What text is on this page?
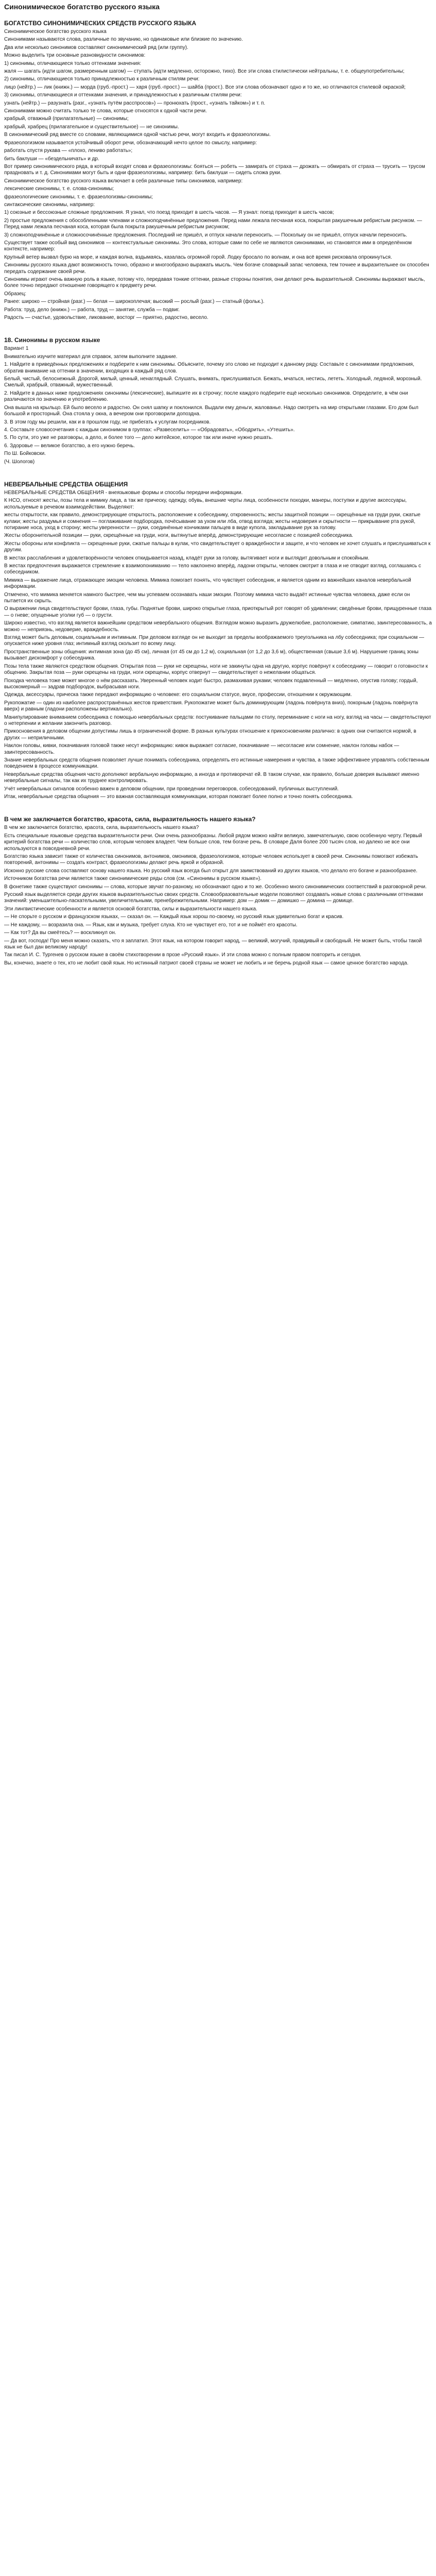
Синонимическое богатство русского языка
БОГАТСТВО СИНОНИМИЧЕСКИХ СРЕДСТВ РУССКОГО ЯЗЫКА

Синонимическое богатство русского языка

Синонимами называются слова, различные по звучанию, но одинаковые или близкие по значению.

Два или несколько синонимов составляют синонимический ряд (или группу).

Можно выделить три основные разновидности синонимов:

1) синонимы, отличающиеся только оттенками значения:

жаля — шагать (идти шагом, размеренным шагом) — ступать (идти медленно, осторожно, тихо). Все эти слова стилистически нейтральны, т. е. общеупотребительны;

2) синонимы, отличающиеся только принадлежностью к различным стилям речи:

лицо (нейтр.) — лик (книжн.) — морда (груб.-прост.) — харя (груб.-прост.) — шайба (прост.). Все эти слова обозначают одно и то же, но отличаются стилевой окраской;

3) синонимы, отличающиеся и оттенками значения, и принадлежностью к различным стилям речи:

узнать (нейтр.) — разузнать (разг., «узнать путём расспросов») — пронюхать (прост., «узнать тайком») и т. п.

Синонимами можно считать только те слова, которые относятся к одной части речи.

храбрый, отважный (прилагательные) — синонимы;

храбрый, храбрец (прилагательное и существительное) — не синонимы.

В синонимический ряд вместе со словами, являющимися одной частью речи, могут входить и фразеологизмы.

Фразеологизмом называется устойчивый оборот речи, обозначающий нечто целое по смыслу, например:

работать спустя рукава — «плохо, лениво работать»;

бить баклуши — «бездельничать» и др.

Вот пример синонимического ряда, в который входят слова и фразеологизмы: бояться — робеть — замирать от страха — дрожать — обмирать от страха — трусить — трусом праздновать и т. д. Синонимами могут быть и одни фразеологизмы, например: бить баклуши — сидеть сложа руки.

Синонимическое богатство русского языка включает в себя различные типы синонимов, например:

лексические синонимы, т. е. слова-синонимы;

фразеологические синонимы, т. е. фразеологизмы-синонимы;

синтаксические синонимы, например:

1) союзные и бессоюзные сложные предложения. Я узнал, что поезд приходит в шесть часов. — Я узнал: поезд приходит в шесть часов;

2) простые предложения с обособленными членами и сложноподчинённые предложения. Перед нами лежала песчаная коса, покрытая ракушечным ребристым рисунком. — Перед нами лежала песчаная коса, которая была покрыта ракушечным ребристым рисунком;

3) сложноподчинённые и сложносочинённые предложения. Последний не пришёл, и отпуск начали переносить. — Поскольку он не пришёл, отпуск начали переносить.

Существует также особый вид синонимов — контекстуальные синонимы. Это слова, которые сами по себе не являются синонимами, но становятся ими в определённом контексте, например:

Крупный ветер вызвал бурю на море, и каждая волна, вздымаясь, казалась огромной горой. Лодку бросало по волнам, и она всё время рисковала опрокинуться.

Синонимы русского языка дают возможность точно, образно и многообразно выражать мысль. Чем богаче словарный запас человека, тем точнее и выразительнее он способен передать содержание своей речи.

Синонимы играют очень важную роль в языке, потому что, передавая тонкие оттенки, разные стороны понятия, они делают речь выразительной. Синонимы выражают мысль, более точно передают отношение говорящего к предмету речи.

Образец:

Ранее: широко — стройная (разг.) — белая — широкоплечая; высокий — рослый (разг.) — статный (фольк.).

Работа: труд, дело (книжн.) — работа, труд — занятие, служба — подвиг.

Радость — счастье, удовольствие, ликование, восторг — приятно, радостно, весело.

18. Синонимы в русском языке

Вариант 1

Внимательно изучите материал для справок, затем выполните задание.

1. Найдите в приведённых предложениях и подберите к ним синонимы. Объясните, почему это слово не подходит к данному ряду. Составьте с синонимами предложения, обратив внимание на оттенки в значении, входящих в каждый ряд слов.

Белый, чистый, белоснежный. Дорогой, милый, ценный, ненаглядный. Слушать, внимать, прислушиваться. Бежать, мчаться, нестись, лететь. Холодный, ледяной, морозный. Смелый, храбрый, отважный, мужественный.

2. Найдите в данных ниже предложениях синонимы (лексические), выпишите их в строчку; после каждого подберите ещё несколько синонимов. Определите, в чём они различаются по значению и употреблению.

Она вышла на крыльцо. Ей было весело и радостно. Он снял шапку и поклонился. Выдали ему деньги, жалованье. Надо смотреть на мир открытыми глазами. Его дом был большой и просторный. Она стояла у окна, а вечером они проговорили допоздна.

3. В этом году мы решили, как и в прошлом году, не прибегать к услугам посредников.

4. Составьте словосочетания с каждым синонимом в группах: «Развеселить» — «Обрадовать», «Ободрить», «Утешить».

5. По сути, это уже не разговоры, а дело, и более того — дело житейское, которое так или иначе нужно решать.

6. Здоровье — великое богатство, а его нужно беречь.

По Ш. Бойковски.

(Ч. Шологов)

НЕВЕРБАЛЬНЫЕ СРЕДСТВА ОБЩЕНИЯ

НЕВЕРБАЛЬНЫЕ СРЕДСТВА ОБЩЕНИЯ - внеязыковые формы и способы передачи информации.

К НСО, относят жесты, позы тела и мимику лица, а так же прическу, одежду, обувь, внешние черты лица, особенности походки, манеры, поступки и другие аксессуары, используемые в речевом взаимодействии. Выделяют:

жесты открытости, как правило, демонстрирующие открытость, расположение к собеседнику, откровенность; жесты защитной позиции — скрещённые на груди руки, сжатые кулаки; жесты раздумья и сомнения — поглаживание подбородка, почёсывание за ухом или лба, отвод взгляда; жесты недоверия и скрытности — прикрывание рта рукой, потирание носа, уход в сторону; жесты уверенности — руки, соединённые кончиками пальцев в виде купола, закладывание рук за голову.

Жесты оборонительной позиции — руки, скрещённые на груди, ноги, вытянутые вперёд, демонстрирующие несогласие с позицией собеседника.

Жесты обороны или конфликта — скрещенные руки, сжатые пальцы в кулак, что свидетельствует о враждебности и защите, и что человек не хочет слушать и прислушиваться к другим.

В жестах расслабления и удовлетворённости человек откидывается назад, кладёт руки за голову, вытягивает ноги и выглядит довольным и спокойным.

В жестах предпочтения выражается стремление к взаимопониманию — тело наклонено вперёд, ладони открыты, человек смотрит в глаза и не отводит взгляд, соглашаясь с собеседником.

Мимика — выражение лица, отражающее эмоции человека. Мимика помогает понять, что чувствует собеседник, и является одним из важнейших каналов невербальной информации.

Отмечено, что мимика меняется намного быстрее, чем мы успеваем осознавать наши эмоции. Поэтому мимика часто выдаёт истинные чувства человека, даже если он пытается их скрыть.

О выражении лица свидетельствуют брови, глаза, губы. Поднятые брови, широко открытые глаза, приоткрытый рот говорят об удивлении; сведённые брови, прищуренные глаза — о гневе; опущенные уголки губ — о грусти.

Широко известно, что взгляд является важнейшим средством невербального общения. Взглядом можно выразить дружелюбие, расположение, симпатию, заинтересованность, а можно — неприязнь, недоверие, враждебность.

Взгляд может быть деловым, социальным и интимным. При деловом взгляде он не выходит за пределы воображаемого треугольника на лбу собеседника; при социальном — опускается ниже уровня глаз; интимный взгляд скользит по всему лицу.

Пространственные зоны общения: интимная зона (до 45 см), личная (от 45 см до 1,2 м), социальная (от 1,2 до 3,6 м), общественная (свыше 3,6 м). Нарушение границ зоны вызывает дискомфорт у собеседника.

Позы тела также являются средством общения. Открытая поза — руки не скрещены, ноги не закинуты одна на другую, корпус повёрнут к собеседнику — говорит о готовности к общению. Закрытая поза — руки скрещены на груди, ноги скрещены, корпус отвернут — свидетельствует о нежелании общаться.

Походка человека тоже может многое о нём рассказать. Уверенный человек ходит быстро, размахивая руками; человек подавленный — медленно, опустив голову; гордый, высокомерный — задрав подбородок, выбрасывая ноги.

Одежда, аксессуары, прическа также передают информацию о человеке: его социальном статусе, вкусе, профессии, отношении к окружающим.

Рукопожатие — один из наиболее распространённых жестов приветствия. Рукопожатие может быть доминирующим (ладонь повёрнута вниз), покорным (ладонь повёрнута вверх) и равным (ладони расположены вертикально).

Манипулирование вниманием собеседника с помощью невербальных средств: постукивание пальцами по столу, переминание с ноги на ногу, взгляд на часы — свидетельствуют о нетерпении и желании закончить разговор.

Прикосновения в деловом общении допустимы лишь в ограниченной форме. В разных культурах отношение к прикосновениям различно: в одних они считаются нормой, в других — неприличными.

Наклон головы, кивки, покачивания головой также несут информацию: кивок выражает согласие, покачивание — несогласие или сомнение, наклон головы набок — заинтересованность.

Знание невербальных средств общения позволяет лучше понимать собеседника, определять его истинные намерения и чувства, а также эффективнее управлять собственным поведением в процессе коммуникации.

Невербальные средства общения часто дополняют вербальную информацию, а иногда и противоречат ей. В таком случае, как правило, больше доверия вызывают именно невербальные сигналы, так как их труднее контролировать.

Учёт невербальных сигналов особенно важен в деловом общении, при проведении переговоров, собеседований, публичных выступлений.

Итак, невербальные средства общения — это важная составляющая коммуникации, которая помогает более полно и точно понять собеседника.

В чем же заключается богатство, красота, сила, выразительность нашего языка?

В чем же заключается богатство, красота, сила, выразительность нашего языка?

Есть специальные языковые средства выразительности речи. Они очень разнообразны. Любой рядом можно найти великую, замечательную, свою особенную черту. Первый критерий богатства речи — количество слов, которым человек владеет. Чем больше слов, тем богаче речь. В словаре Даля более 200 тысяч слов, но далеко не все они используются в повседневной речи.

Богатство языка зависит также от количества синонимов, антонимов, омонимов, фразеологизмов, которые человек использует в своей речи. Синонимы помогают избежать повторений, антонимы — создать контраст, фразеологизмы делают речь яркой и образной.

Исконно русские слова составляют основу нашего языка. Но русский язык всегда был открыт для заимствований из других языков, что делало его богаче и разнообразнее.

Источником богатства речи является также синонимические ряды слов (см. «Синонимы в русском языке»).

В фонетике также существуют синонимы — слова, которые звучат по-разному, но обозначают одно и то же. Особенно много синонимических соответствий в разговорной речи.

Русский язык выделяется среди других языков выразительностью своих средств. Словообразовательные модели позволяют создавать новые слова с различными оттенками значений: уменьшительно-ласкательными, увеличительными, пренебрежительными. Например: дом — домик — домишко — домина — домище.

Эти лингвистические особенности и является основой богатства, силы и выразительности нашего языка.

— Не спорьте о русском и французском языках, — сказал он. — Каждый язык хорош по-своему, но русский язык удивительно богат и красив.

— Не каждому, — возразила она. — Язык, как и музыка, требует слуха. Кто не чувствует его, тот и не поймёт его красоты.

— Как тот? Да вы смеётесь? — воскликнул он.

— Да вот, господа! Про меня можно сказать, что я заплатил. Этот язык, на котором говорит народ, — великий, могучий, правдивый и свободный. Не может быть, чтобы такой язык не был дан великому народу!

Так писал И. С. Тургенев о русском языке в своём стихотворении в прозе «Русский язык». И эти слова можно с полным правом повторить и сегодня.

Вы, конечно, знаете о тех, кто не любит свой язык. Но истинный патриот своей страны не может не любить и не беречь родной язык — самое ценное богатство народа.
